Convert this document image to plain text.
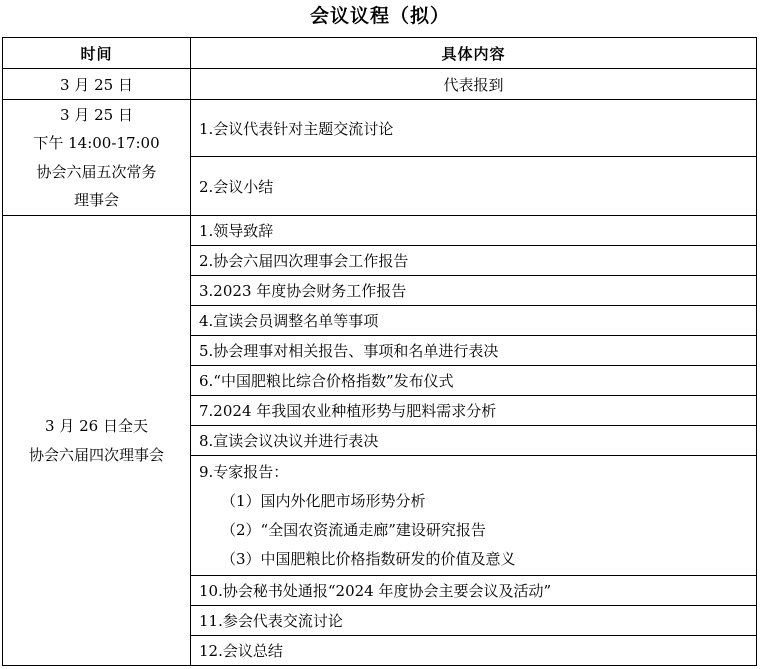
会议议程（拟）
时间	具体内容
3 月 25 日	代表报到

3 月 25 日
下午 14:00-17:00
协会六届五次常务
理事会	1.会议代表针对主题交流讨论
	2.会议小结

3 月 26 日全天
协会六届四次理事会	1.领导致辞
	2.协会六届四次理事会工作报告
	3.2023 年度协会财务工作报告
	4.宣读会员调整名单等事项
	5.协会理事对相关报告、事项和名单进行表决
	6.“中国肥粮比综合价格指数”发布仪式
	7.2024 年我国农业种植形势与肥料需求分析
	8.宣读会议决议并进行表决

	9.专家报告：
（1）国内外化肥市场形势分析
（2）“全国农资流通走廊”建设研究报告
（3）中国肥粮比价格指数研发的价值及意义

	10.协会秘书处通报“2024 年度协会主要会议及活动”
	11.参会代表交流讨论
	12.会议总结
